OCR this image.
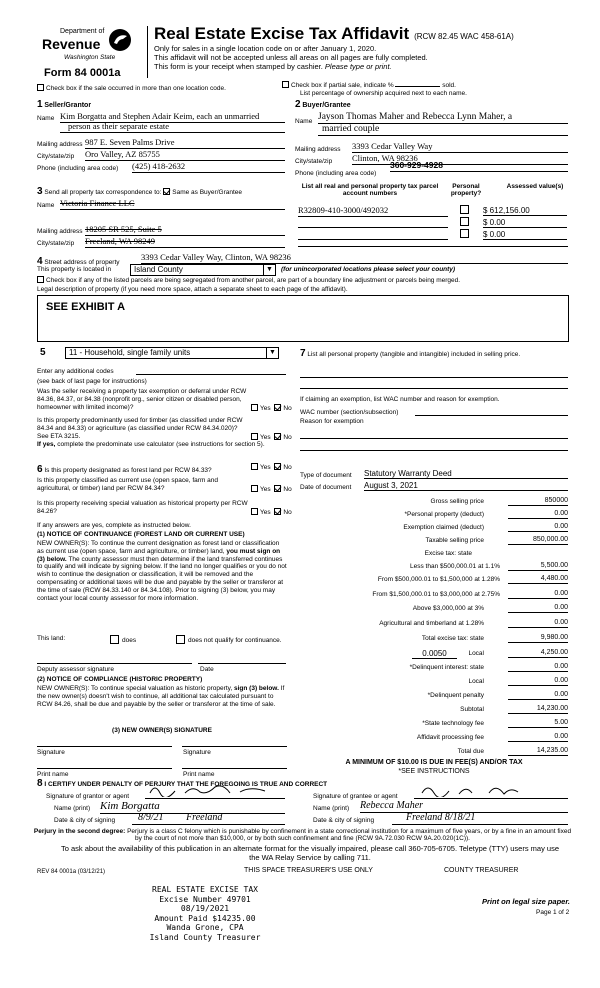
Department of
Revenue
Washington State
Form 84 0001a
Real Estate Excise Tax Affidavit (RCW 82.45 WAC 458-61A)
Only for sales in a single location code on or after January 1, 2020.
This affidavit will not be accepted unless all areas on all pages are fully completed.
This form is your receipt when stamped by cashier. Please type or print.
Check box if the sale occurred in more than one location code.	Check box if partial sale, indicate %	sold.
List percentage of ownership acquired next to each name.
1 Seller/Grantor
Name Kim Borgatta and Stephen Adair Keim, each an unmarried
person as their separate estate
Mailing address 987 E. Seven Palms Drive
City/state/zip Oro Valley, AZ 85755
Phone (including area code) (425) 418-2632
2 Buyer/Grantee
Name Jayson Thomas Maher and Rebecca Lynn Maher, a
married couple
Mailing address 3393 Cedar Valley Way
City/state/zip Clinton, WA 98236
Phone (including area code)
360-929-4928
3 Send all property tax correspondence to: Same as Buyer/Grantee
Name Victoria Finance LLC
Mailing address 18205 SR 525, Suite 5
City/state/zip Freeland, WA 98249
List all real and personal property tax parcel account numbers
Personal property?
Assessed value(s)
R32809-410-3000/492032	$ 612,156.00
$ 0.00
$ 0.00
4 Street address of property
3393 Cedar Valley Way, Clinton, WA 98236
This property is located in	Island County	▼	(for unincorporated locations please select your county)
Check box if any of the listed parcels are being segregated from another parcel, are part of a boundary line adjustment or parcels being merged.
Legal description of property (if you need more space, attach a separate sheet to each page of the affidavit).
SEE EXHIBIT A
5	11 - Household, single family units	▼
Enter any additional codes
(see back of last page for instructions)
Was the seller receiving a property tax exemption or deferral under RCW 84.36, 84.37, or 84.38 (nonprofit org., senior citizen or disabled person, homeowner with limited income)?	Yes No
Is this property predominantly used for timber (as classified under RCW 84.34 and 84.33) or agriculture (as classified under RCW 84.34.020)? See ETA 3215.	Yes No
If yes, complete the predominate use calculator (see instructions for section 5).
6 Is this property designated as forest land per RCW 84.33?	Yes No
Is this property classified as current use (open space, farm and agricultural, or timber) land per RCW 84.34?	Yes No
Is this property receiving special valuation as historical property per RCW 84.26?	Yes No
If any answers are yes, complete as instructed below.
(1) NOTICE OF CONTINUANCE (FOREST LAND OR CURRENT USE)
NEW OWNER(S): To continue the current designation as forest land or classification as current use (open space, farm and agriculture, or timber) land, you must sign on (3) below. The county assessor must then determine if the land transferred continues to qualify and will indicate by signing below. If the land no longer qualifies or you do not wish to continue the designation or classification, it will be removed and the compensating or additional taxes will be due and payable by the seller or transferor at the time of sale (RCW 84.33.140 or 84.34.108). Prior to signing (3) below, you may contact your local county assessor for more information.
This land:	does	does not qualify for continuance.
Deputy assessor signature	Date
(2) NOTICE OF COMPLIANCE (HISTORIC PROPERTY)
NEW OWNER(S): To continue special valuation as historic property, sign (3) below. If the new owner(s) doesn't wish to continue, all additional tax calculated pursuant to RCW 84.26, shall be due and payable by the seller or transferor at the time of sale.
(3) NEW OWNER(S) SIGNATURE
Signature	Signature
Print name	Print name
7 List all personal property (tangible and intangible) included in selling price.
If claiming an exemption, list WAC number and reason for exemption.
WAC number (section/subsection)
Reason for exemption
Type of document Statutory Warranty Deed
Date of document August 3, 2021
Gross selling price	850000
*Personal property (deduct)	0.00
Exemption claimed (deduct)	0.00
Taxable selling price	850,000.00
Excise tax: state
Less than $500,000.01 at 1.1%	5,500.00
From $500,000.01 to $1,500,000 at 1.28%	4,480.00
From $1,500,000.01 to $3,000,000 at 2.75%	0.00
Above $3,000,000 at 3%	0.00
Agricultural and timberland at 1.28%	0.00
Total excise tax: state	9,980.00
0.0050	Local	4,250.00
*Delinquent interest: state	0.00
Local	0.00
*Delinquent penalty	0.00
Subtotal	14,230.00
*State technology fee	5.00
Affidavit processing fee	0.00
Total due	14,235.00
A MINIMUM OF $10.00 IS DUE IN FEE(S) AND/OR TAX
*SEE INSTRUCTIONS
8 I CERTIFY UNDER PENALTY OF PERJURY THAT THE FOREGOING IS TRUE AND CORRECT
Signature of grantor or agent
Name (print) Kim Borgatta
Date & city of signing	8/9/21 Freeland
Signature of grantee or agent
Name (print) Rebecca Maher
Date & city of signing	Freeland 8/18/21
Perjury in the second degree: Perjury is a class C felony which is punishable by confinement in a state correctional institution for a maximum of five years, or by a fine in an amount fixed by the court of not more than $10,000, or by both such confinement and fine (RCW 9A.72.030 RCW 9A.20.020(1C)).
To ask about the availability of this publication in an alternate format for the visually impaired, please call 360-705-6705. Teletype (TTY) users may use the WA Relay Service by calling 711.
REV 84 0001a (03/12/21)	THIS SPACE TREASURER'S USE ONLY	COUNTY TREASURER
REAL ESTATE EXCISE TAX
Excise Number 49701
08/19/2021
Amount Paid $14235.00
Wanda Grone, CPA
Island County Treasurer
Print on legal size paper.
Page 1 of 2
